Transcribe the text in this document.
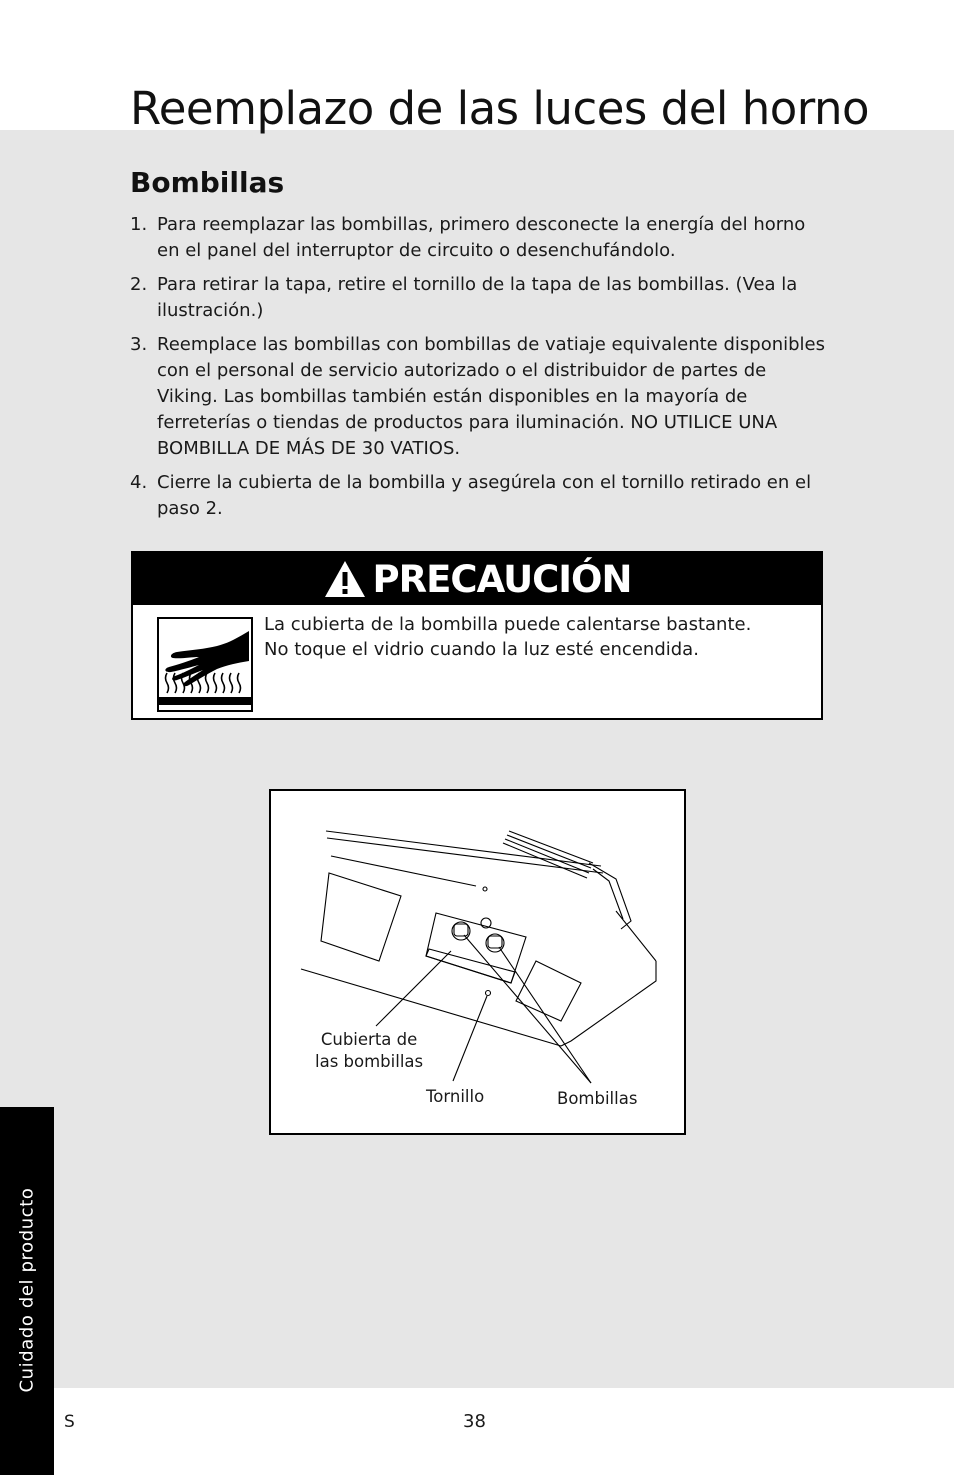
Reemplazo de las luces del horno
Bombillas
1. Para reemplazar las bombillas, primero desconecte la energía del horno en el panel del interruptor de circuito o desenchufándolo.
2. Para retirar la tapa, retire el tornillo de la tapa de las bombillas. (Vea la ilustración.)
3. Reemplace las bombillas con bombillas de vatiaje equivalente disponibles con el personal de servicio autorizado o el distribuidor de partes de Viking. Las bombillas también están disponibles en la mayoría de ferreterías o tiendas de productos para iluminación. NO UTILICE UNA BOMBILLA DE MÁS DE 30 VATIOS.
4. Cierre la cubierta de la bombilla y asegúrela con el tornillo retirado en el paso 2.
PRECAUCIÓN

La cubierta de la bombilla puede calentarse bastante.
No toque el vidrio cuando la luz esté encendida.

Cubierta de
las bombillas
Tornillo	Bombillas
Cuidado del producto
S	38
